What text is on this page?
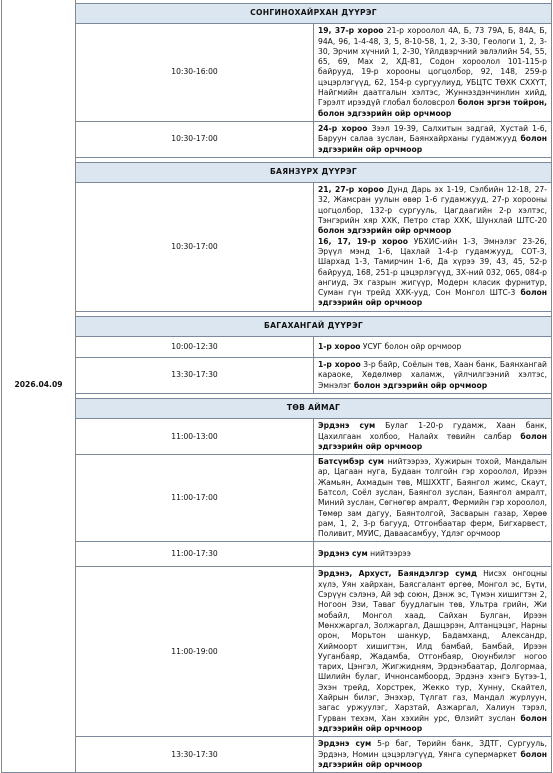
2026.04.09	СОНГИНОХАЙРХАН ДҮҮРЭГ	

	10:30-16:00	19, 37-р хороо 21-р хороолол 4А, Б, 73 79А, Б, 84А, Б, 94А, 96, 1-4-48, 3, 5, 8-10-58, 1, 2, 3-30, Геологи 1, 2, 3-30, Эрчим хүчний 1, 2-30, Үйлдвэрчний эвлэлийн 54, 55, 65, 69, Мах 2, ХД-81, Содон хороолол 101-115-р байрууд, 19-р хорооны цогцолбор, 92, 148, 259-р цэцэрлэгүүд, 62, 154-р сургуулиуд, УБЦТС ТӨХК СХХҮТ, Найгмийн даатгалын хэлтэс, Жуннэздэнчинлин хийд, Гэрэлт ирээдүй глобал боловсрол болон эргэн тойрон, болон эдгээрийн ойр орчмоор
	10:30-17:00	24-р хороо Зээл 19-39, Салхитын задгай, Хустай 1-6, Баруун салаа зуслан, Баянхайрханы гудамжууд болон эдгээрийн ойр орчмоор

	БАЯНЗҮРХ ДҮҮРЭГ	

	10:30-17:00	21, 27-р хороо Дунд Дарь эх 1-19, Сэлбийн 12-18, 27-32, Жамсран уулын өвөр 1-6 гудамжууд, 27-р хорооны цогцолбор, 132-р сургууль, Цагдаагийн 2-р хэлтэс, Тэнгэрийн хяр ХХК, Петро стар ХХК, Шунхлай ШТС-20 болон эдгээрийн ойр орчмоор
16, 17, 19-р хороо УБХИС-ийн 1-3, Эмнэлэг 23-26, Эрүүл мэнд 1-6, Цахлай 1-4-р гудамжууд, СОТ-3, Шархад 1-3, Тамирчин 1-6, Да хүрээ 39, 43, 45, 52-р байрууд, 168, 251-р цэцэрлэгүүд, ЗХ-ний 032, 065, 084-р ангиуд, Эх газрын жигүүр, Модерн класик фурнитур, Суман гүн трейд ХХК-ууд, Сон Монгол ШТС-3 болон эдгээрийн ойр орчмоор

	БАГАХАНГАЙ ДҮҮРЭГ	

	10:00-12:30	1-р хороо УСУГ болон ойр орчмоор
	13:30-17:30	1-р хороо 3-р байр, Соёлын төв, Хаан банк, Баянхангай караоке, Хөдөлмөр халамж, үйлчилгээний хэлтэс, Эмнэлэг болон эдгээрийн ойр орчмоор

	ТӨВ АЙМАГ	

	11:00-13:00	Эрдэнэ сум Булаг 1-20-р гудамж, Хаан банк, Цахилгаан холбоо, Налайх төвийн салбар болон эдгээрийн ойр орчмоор
	11:00-17:00	Батсүмбэр сум нийтээрээ, Хужирын тохой, Мандалын ар, Цагаан нуга, Будаан толгойн гэр хороолол, Ирээн Жамьян, Ахмадын төв, МШХХТГ, Баянгол жимс, Скаут, Батсол, Соёл зуслан, Баянгол зуслан, Баянгол амралт, Миний зуслан, Сөгнөгөр амралт, Фермийн гэр хороолол, Төмөр зам дагуу, Баянтолгой, Засварын газар, Хөрөө рам, 1, 2, 3-р багууд, Отгонбаатар ферм, Бигхарвест, Поливит, МУИС, Даваасамбуу, Үдлэг орчмоор
	11:00-17:30	Эрдэнэ сум нийтээрээ
	11:00-19:00	Эрдэнэ, Архуст, Баяндэлгэр сумд Нисэх онгоцны хүлэ, Уян хайрхан, Баясгалант өргөө, Монгол эс, Бүти, Сэрүүн сэлэнэ, Ай эф союн, Дэнж эс, Түмэн хишигтэн 2, Ногоон Эзи, Таваг буудлагын төв, Ультра грийн, Жи мобайл, Монгол хаад, Сайхан Булган, Ирээн Мөнхжаргал, Золжаргал, Дашцэрэн, Алтанцэцэг, Нарны орон, Морьтон шанкур, Бадамханд, Александр, Хиймоорт хишигтэн, Илд бамбай, Бамбай, Ирээн Ууганбаяр, Жадамба, Отгонбаяр, Оюунбилэг ногоо тарих, Цэнгэл, Жигжидням, Эрдэнэбаатар, Долгормаа, Шилийн булаг, Ичнонсамбоорд, Эрдэнэ хэнгэ Бүтээ-1, Эхэн трейд, Хорстрек, Жекко тур, Хунну, Скайтел, Хайрын билэг, Энэхэр, Түлгат газ, Мандал журлуун, загас уржуулэг, Харзтай, Азжаргал, Халиун тэрэл, Гурван техэм, Хан хэхийн урс, Өлзийт зуслан болон эдгээрийн ойр орчмоор
	13:30-17:30	Эрдэнэ сум 5-р баг, Төрийн банк, ЗДТГ, Сургууль, Эрдэнэ, Номин цэцэрлэгүүд, Уянга супермаркет болон эдгээрийн ойр орчмоор
